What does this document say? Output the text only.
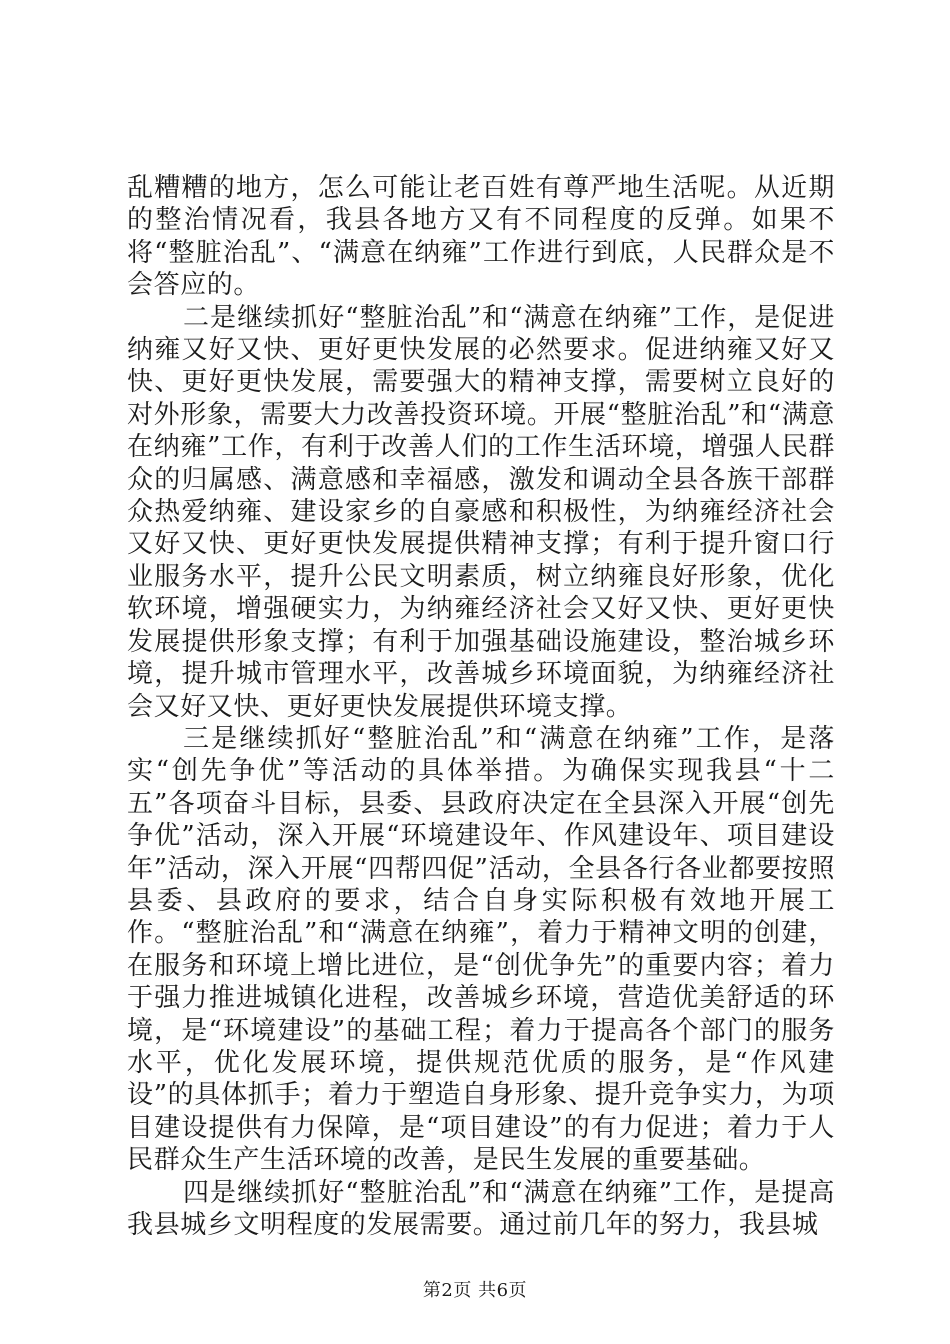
乱糟糟的地方，怎么可能让老百姓有尊严地生活呢。从近期的整治情况看，我县各地方又有不同程度的反弹。如果不将“整脏治乱”、“满意在纳雍”工作进行到底，人民群众是不会答应的。

二是继续抓好“整脏治乱”和“满意在纳雍”工作，是促进纳雍又好又快、更好更快发展的必然要求。促进纳雍又好又快、更好更快发展，需要强大的精神支撑，需要树立良好的对外形象，需要大力改善投资环境。开展“整脏治乱”和“满意在纳雍”工作，有利于改善人们的工作生活环境，增强人民群众的归属感、满意感和幸福感，激发和调动全县各族干部群众热爱纳雍、建设家乡的自豪感和积极性，为纳雍经济社会又好又快、更好更快发展提供精神支撑；有利于提升窗口行业服务水平，提升公民文明素质，树立纳雍良好形象，优化软环境，增强硬实力，为纳雍经济社会又好又快、更好更快发展提供形象支撑；有利于加强基础设施建设，整治城乡环境，提升城市管理水平，改善城乡环境面貌，为纳雍经济社会又好又快、更好更快发展提供环境支撑。

三是继续抓好“整脏治乱”和“满意在纳雍”工作，是落实“创先争优”等活动的具体举措。为确保实现我县“十二五”各项奋斗目标，县委、县政府决定在全县深入开展“创先争优”活动，深入开展“环境建设年、作风建设年、项目建设年”活动，深入开展“四帮四促”活动，全县各行各业都要按照县委、县政府的要求，结合自身实际积极有效地开展工作。“整脏治乱”和“满意在纳雍”，着力于精神文明的创建，在服务和环境上增比进位，是“创优争先”的重要内容；着力于强力推进城镇化进程，改善城乡环境，营造优美舒适的环境，是“环境建设”的基础工程；着力于提高各个部门的服务水平，优化发展环境，提供规范优质的服务，是“作风建设”的具体抓手；着力于塑造自身形象、提升竞争实力，为项目建设提供有力保障，是“项目建设”的有力促进；着力于人民群众生产生活环境的改善，是民生发展的重要基础。

四是继续抓好“整脏治乱”和“满意在纳雍”工作，是提高我县城乡文明程度的发展需要。通过前几年的努力，我县城

第2页 共6页
